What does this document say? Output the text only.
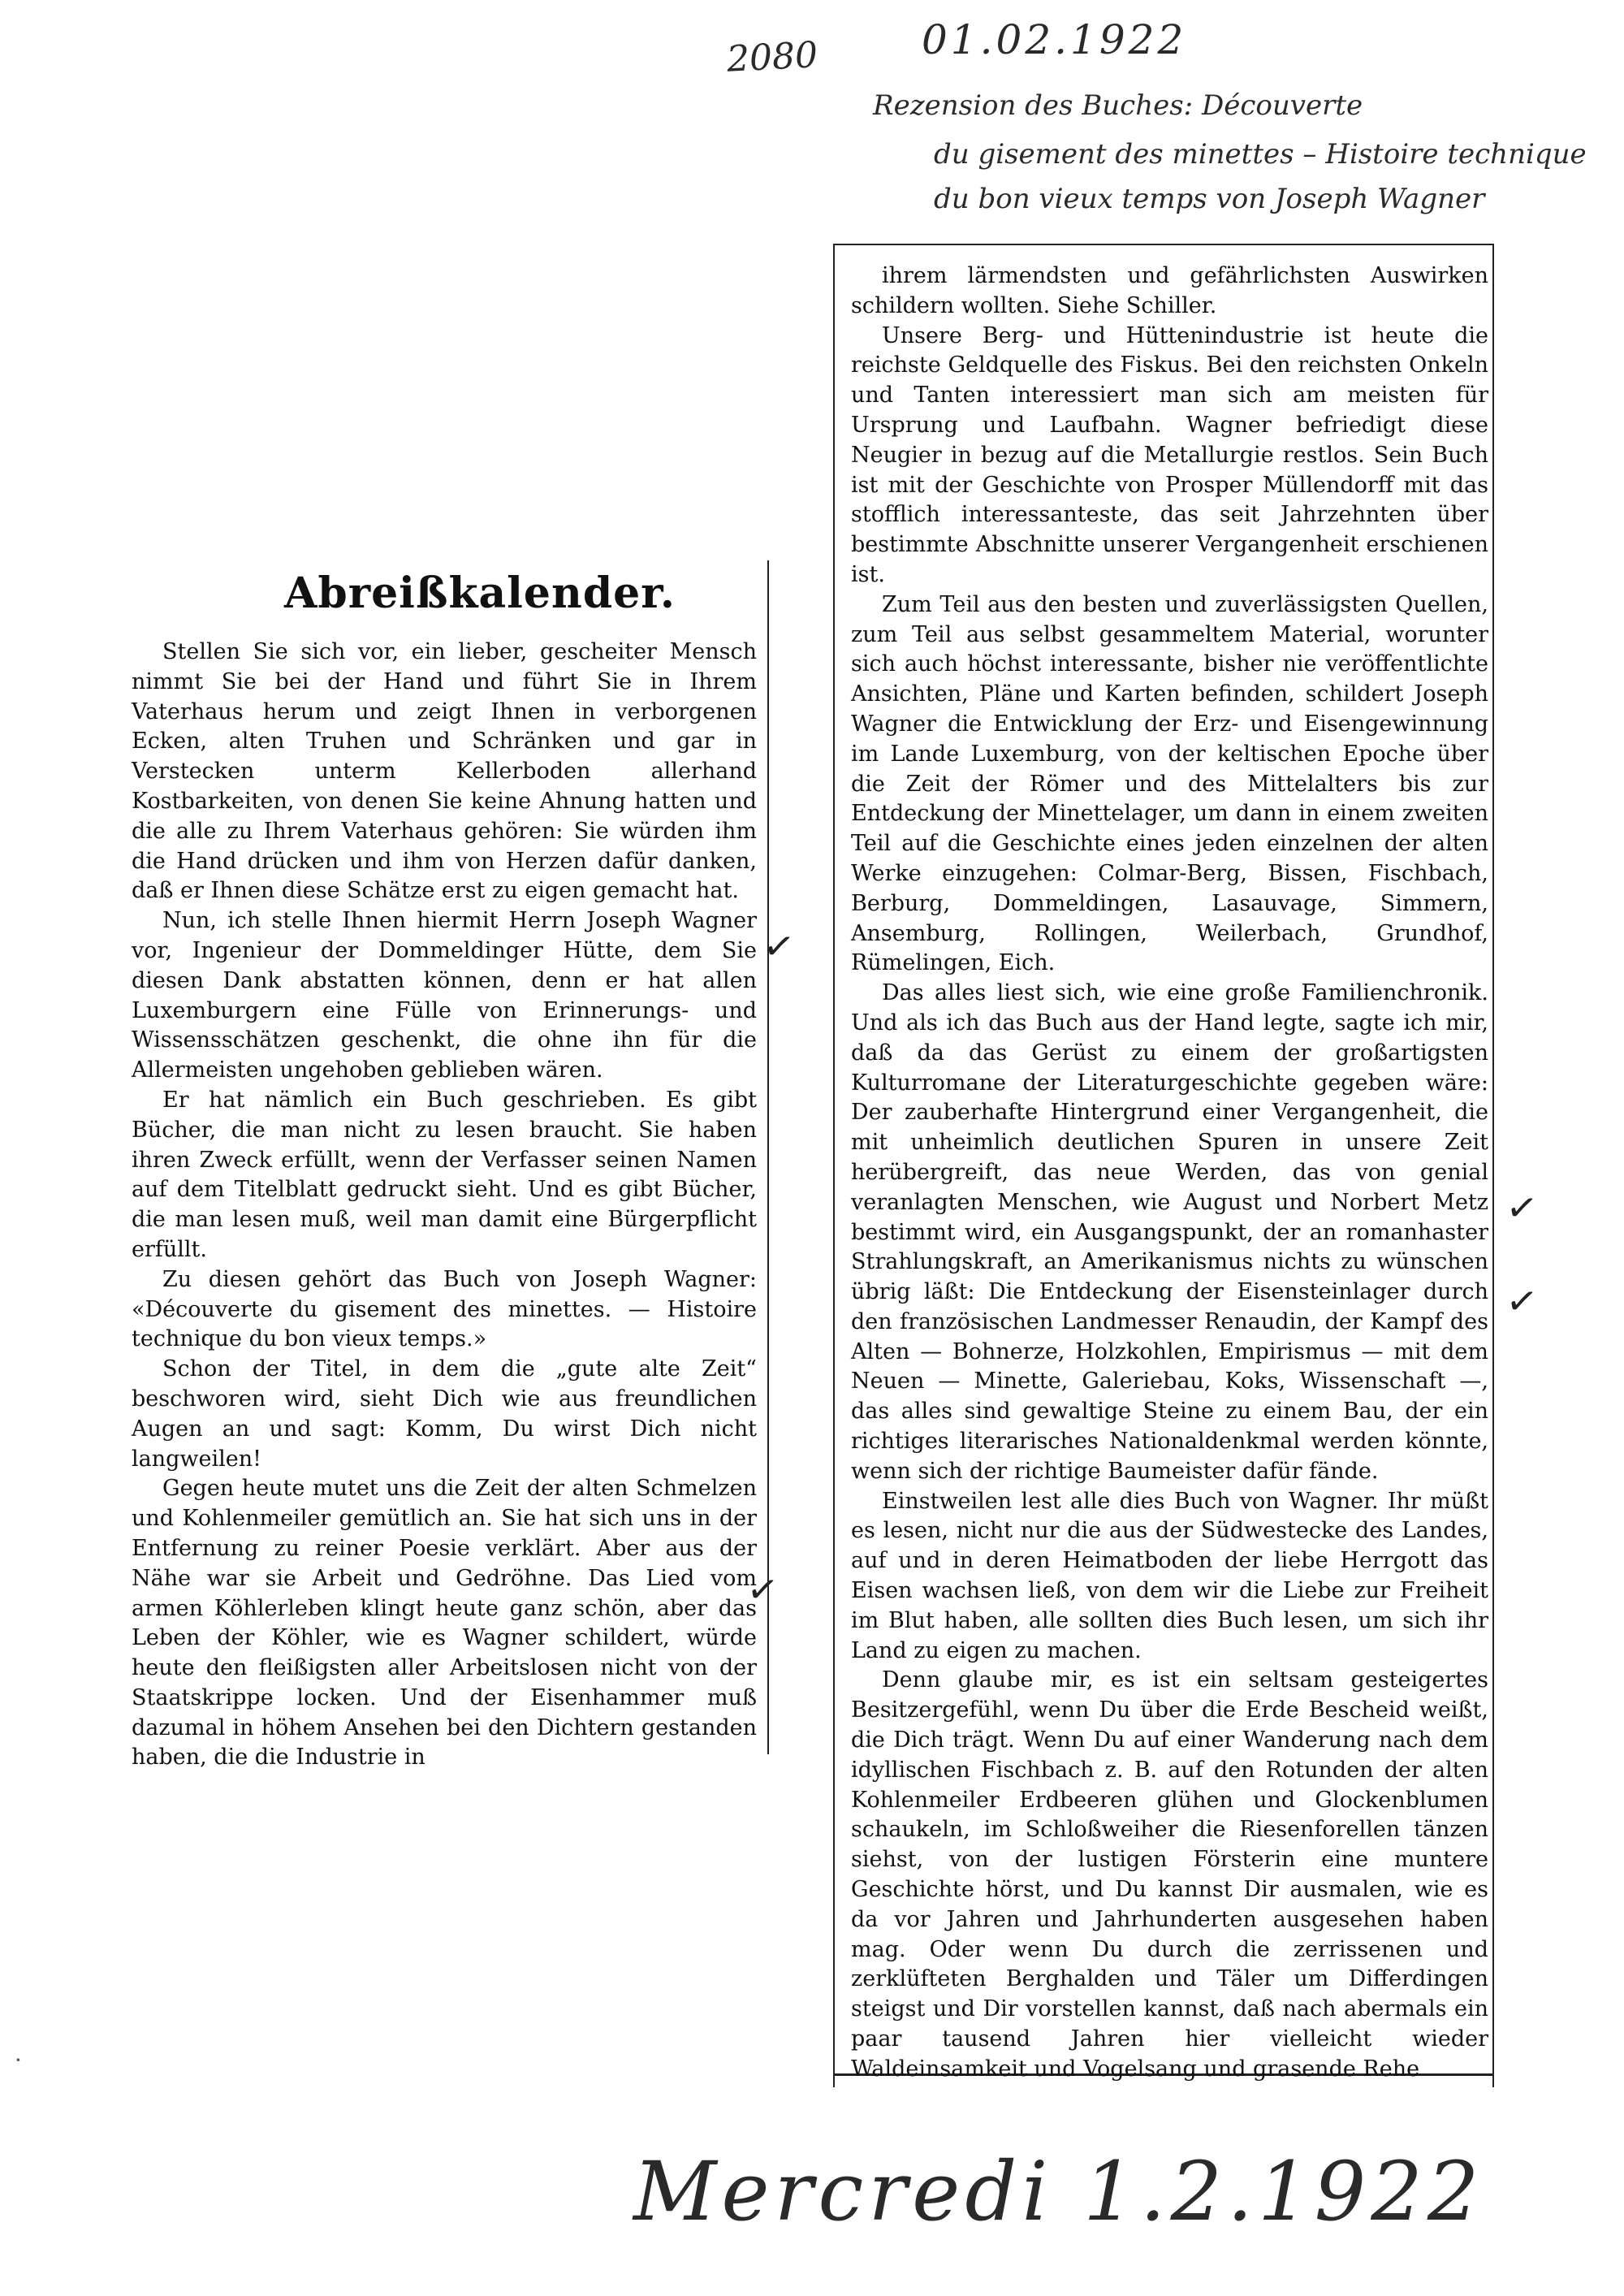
2080	01.02.1922
Rezension des Buches: Découverte
du gisement des minettes – Histoire technique
du bon vieux temps von Joseph Wagner
Abreißkalender.

Stellen Sie sich vor, ein lieber, gescheiter Mensch nimmt Sie bei der Hand und führt Sie in Ihrem Vaterhaus herum und zeigt Ihnen in verborgenen Ecken, alten Truhen und Schränken und gar in Verstecken unterm Kellerboden allerhand Kostbarkeiten, von denen Sie keine Ahnung hatten und die alle zu Ihrem Vaterhaus gehören: Sie würden ihm die Hand drücken und ihm von Herzen dafür danken, daß er Ihnen diese Schätze erst zu eigen gemacht hat.

Nun, ich stelle Ihnen hiermit Herrn Joseph Wagner vor, Ingenieur der Dommeldinger Hütte, dem Sie diesen Dank abstatten können, denn er hat allen Luxemburgern eine Fülle von Erinnerungs- und Wissensschätzen geschenkt, die ohne ihn für die Allermeisten ungehoben geblieben wären.

Er hat nämlich ein Buch geschrieben. Es gibt Bücher, die man nicht zu lesen braucht. Sie haben ihren Zweck erfüllt, wenn der Verfasser seinen Namen auf dem Titelblatt gedruckt sieht. Und es gibt Bücher, die man lesen muß, weil man damit eine Bürgerpflicht erfüllt.

Zu diesen gehört das Buch von Joseph Wagner: «Découverte du gisement des minettes. — Histoire technique du bon vieux temps.»

Schon der Titel, in dem die „gute alte Zeit“ beschworen wird, sieht Dich wie aus freundlichen Augen an und sagt: Komm, Du wirst Dich nicht langweilen!

Gegen heute mutet uns die Zeit der alten Schmelzen und Kohlenmeiler gemütlich an. Sie hat sich uns in der Entfernung zu reiner Poesie verklärt. Aber aus der Nähe war sie Arbeit und Gedröhne. Das Lied vom armen Köhlerleben klingt heute ganz schön, aber das Leben der Köhler, wie es Wagner schildert, würde heute den fleißigsten aller Arbeitslosen nicht von der Staatskrippe locken. Und der Eisenhammer muß dazumal in höhem Ansehen bei den Dichtern gestanden haben, die die Industrie in

ihrem lärmendsten und gefährlichsten Auswirken schildern wollten. Siehe Schiller.

Unsere Berg- und Hüttenindustrie ist heute die reichste Geldquelle des Fiskus. Bei den reichsten Onkeln und Tanten interessiert man sich am meisten für Ursprung und Laufbahn. Wagner befriedigt diese Neugier in bezug auf die Metallurgie restlos. Sein Buch ist mit der Geschichte von Prosper Müllendorff mit das stofflich interessanteste, das seit Jahrzehnten über bestimmte Abschnitte unserer Vergangenheit erschienen ist.

Zum Teil aus den besten und zuverlässigsten Quellen, zum Teil aus selbst gesammeltem Material, worunter sich auch höchst interessante, bisher nie veröffentlichte Ansichten, Pläne und Karten befinden, schildert Joseph Wagner die Entwicklung der Erz- und Eisengewinnung im Lande Luxemburg, von der keltischen Epoche über die Zeit der Römer und des Mittelalters bis zur Entdeckung der Minettelager, um dann in einem zweiten Teil auf die Geschichte eines jeden einzelnen der alten Werke einzugehen: Colmar-Berg, Bissen, Fischbach, Berburg, Dommeldingen, Lasauvage, Simmern, Ansemburg, Rollingen, Weilerbach, Grundhof, Rümelingen, Eich.

Das alles liest sich, wie eine große Familienchronik. Und als ich das Buch aus der Hand legte, sagte ich mir, daß da das Gerüst zu einem der großartigsten Kulturromane der Literaturgeschichte gegeben wäre: Der zauberhafte Hintergrund einer Vergangenheit, die mit unheimlich deutlichen Spuren in unsere Zeit herübergreift, das neue Werden, das von genial veranlagten Menschen, wie August und Norbert Metz bestimmt wird, ein Ausgangspunkt, der an romanhaster Strahlungskraft, an Amerikanismus nichts zu wünschen übrig läßt: Die Entdeckung der Eisensteinlager durch den französischen Landmesser Renaudin, der Kampf des Alten — Bohnerze, Holzkohlen, Empirismus — mit dem Neuen — Minette, Galeriebau, Koks, Wissenschaft —, das alles sind gewaltige Steine zu einem Bau, der ein richtiges literarisches Nationaldenkmal werden könnte, wenn sich der richtige Baumeister dafür fände.

Einstweilen lest alle dies Buch von Wagner. Ihr müßt es lesen, nicht nur die aus der Südwestecke des Landes, auf und in deren Heimatboden der liebe Herrgott das Eisen wachsen ließ, von dem wir die Liebe zur Freiheit im Blut haben, alle sollten dies Buch lesen, um sich ihr Land zu eigen zu machen.

Denn glaube mir, es ist ein seltsam gesteigertes Besitzergefühl, wenn Du über die Erde Bescheid weißt, die Dich trägt. Wenn Du auf einer Wanderung nach dem idyllischen Fischbach z. B. auf den Rotunden der alten Kohlenmeiler Erdbeeren glühen und Glockenblumen schaukeln, im Schloßweiher die Riesenforellen tänzen siehst, von der lustigen Försterin eine muntere Geschichte hörst, und Du kannst Dir ausmalen, wie es da vor Jahren und Jahrhunderten ausgesehen haben mag. Oder wenn Du durch die zerrissenen und zerklüfteten Berghalden und Täler um Differdingen steigst und Dir vorstellen kannst, daß nach abermals ein paar tausend Jahren hier vielleicht wieder Waldeinsamkeit und Vogelsang und grasende Rehe

✓
✓
✓
✓
·
Mercredi 1.2.1922
